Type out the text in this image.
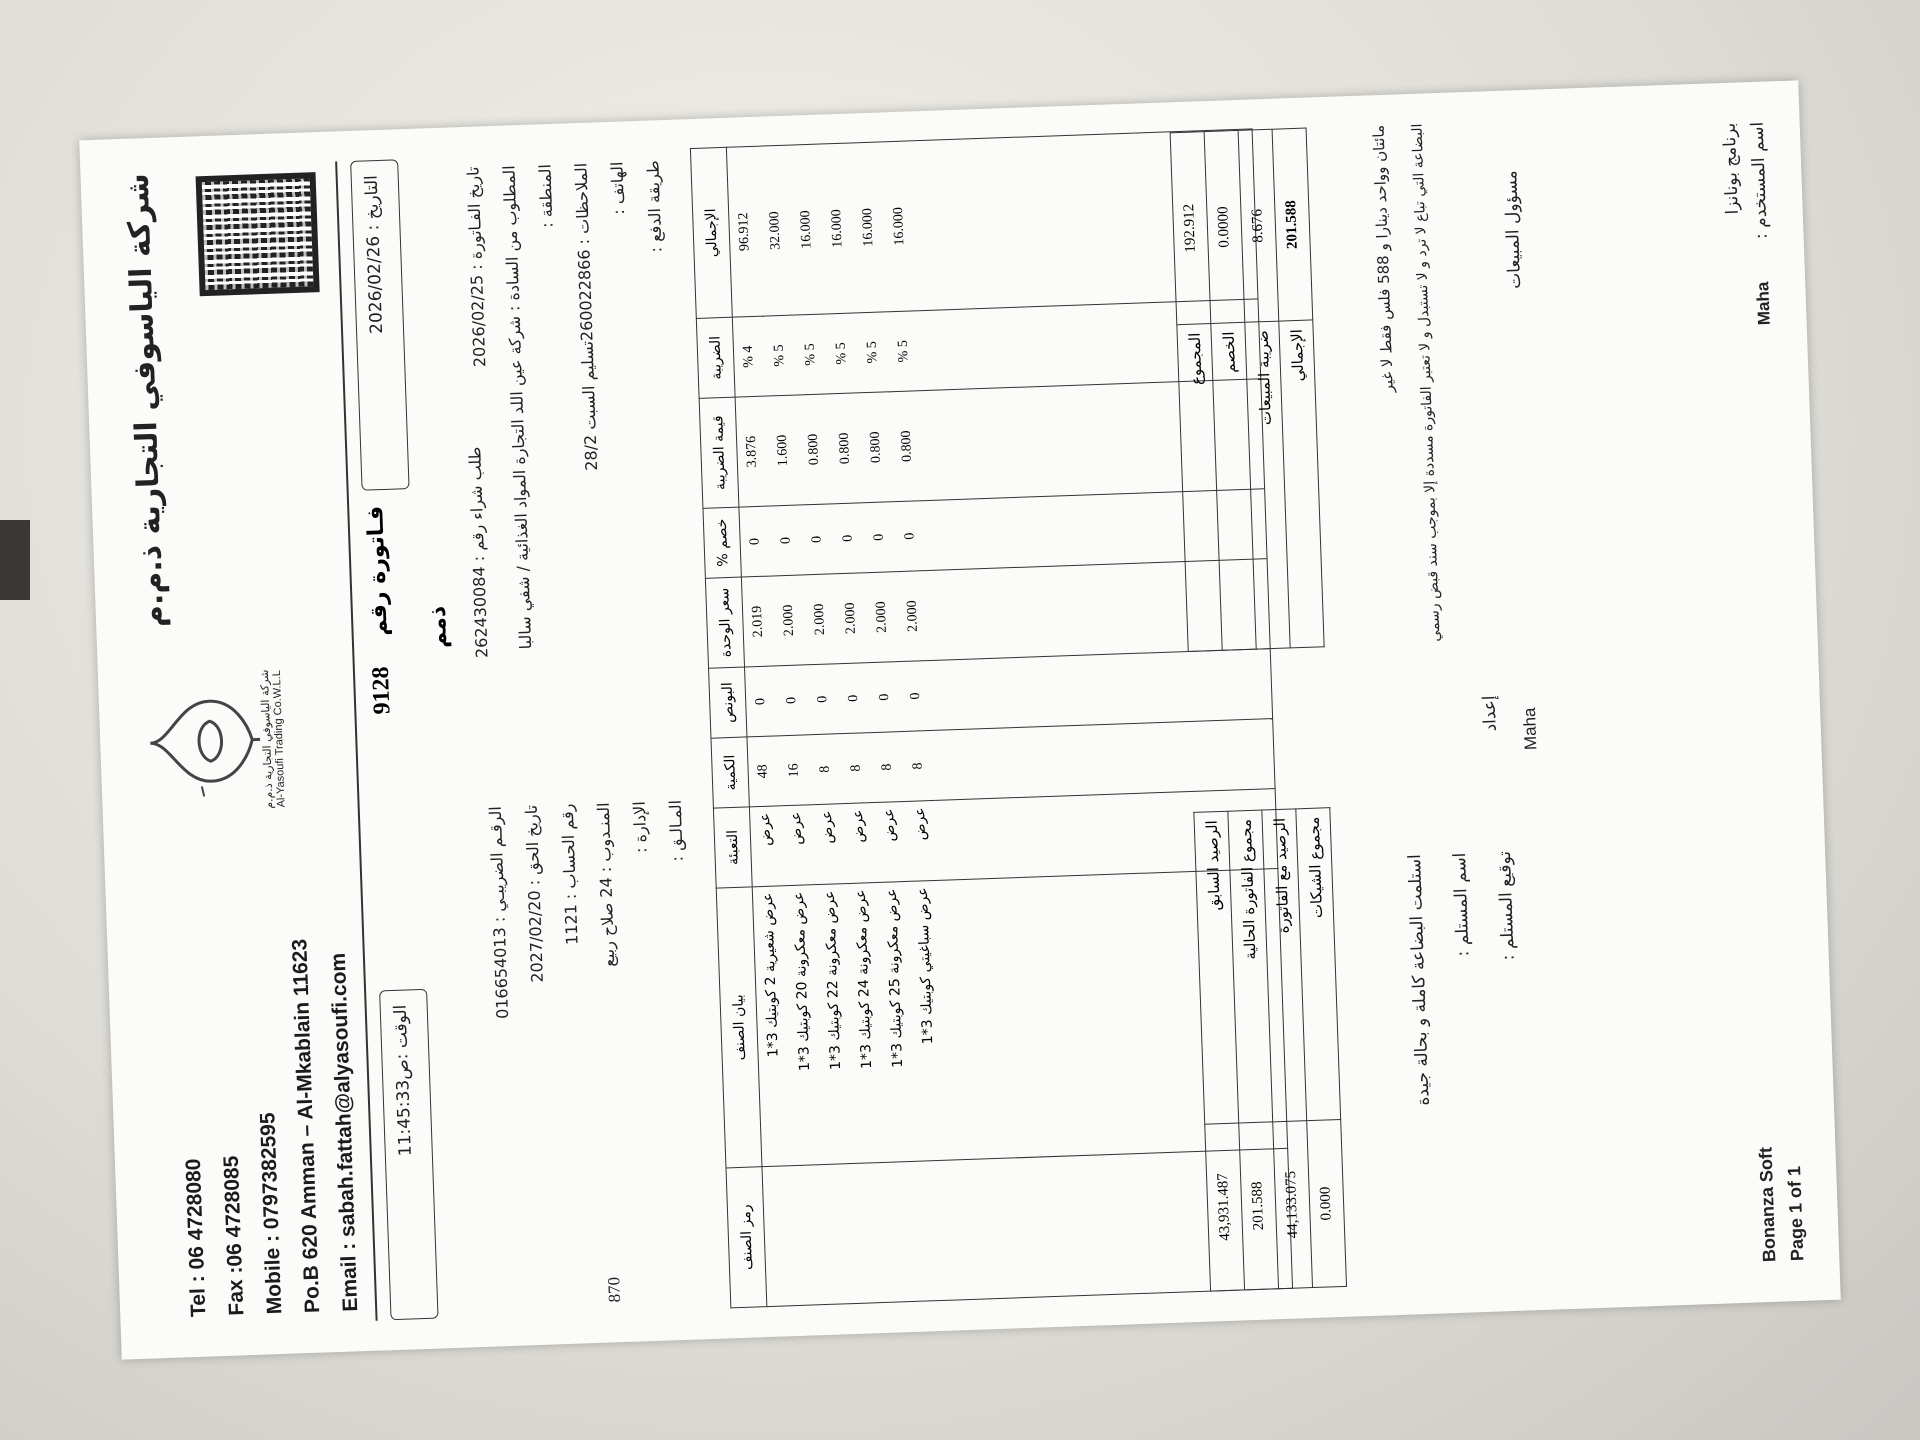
Tel : 06 4728080 Fax :06 4728085 Mobile : 0797382595 Po.B 620 Amman – Al-Mkablain 11623 Email : sabah.fattah@alyasoufi.com
شركة الياسوفي التجارية ذ.م.م
Al-Yasoufi Trading Co.W.L.L
شركة الياسوفي التجارية ذ.م.م
الوقت :ص11:45:33
التاريخ : 2026/02/26
9128    فـاتورة رقم ذمم
الرقـم الضريبـي : 016654013
تاريخ الحق : 2027/02/20
رقم الحساب : 1121
المنـدوب : 24 صلاح ربيع الإدارة : المـالـق :
870
تاريخ الفـاتورة : 2026/02/25 المطلوب من السادة : شركة عين اللد التجارة المواد الغذائية / شفي سالبا المنطقة :
الملاحظات : 260022866تسليم السبت 28/2 الهاتف : طريقة الدفع :
طلب شراء رقم : 262430084
رمز الصنف	بيان الصنف	التعبئة	الكمية	البونص	سعر الوحدة	خصم %	قيمة الضريبة	الضريبة	الإجمالي
	عرض شعيرية 2 كوبتيك 3*1	عرض	48	0	2.019	0	3.876	% 4	96.912
	عرض معكرونة 20 كوبتيك 3*1	عرض	16	0	2.000	0	1.600	% 5	32.000
	عرض معكرونة 22 كوبتيك 3*1	عرض	8	0	2.000	0	0.800	% 5	16.000
	عرض معكرونة 24 كوبتيك 3*1	عرض	8	0	2.000	0	0.800	% 5	16.000
	عرض معكرونة 25 كوبتيك 3*1	عرض	8	0	2.000	0	0.800	% 5	16.000
	عرض سباغيتي كوبتيك 3*1	عرض	8	0	2.000	0	0.800	% 5	16.000

43,931.487	الرصيد السابق
201.588	مجموع الفاتورة الحالية
44,133.075	الرصيد مع الفاتورة
0.000	مجموع الشيكات
المجموع	192.912
الخصم	0.0000
ضريبة المبيعات	8.676
الإجمالي	201.588
مائتان وواحد دينارا و 588 فلس فقط لا غير	البضاعة التي تباع لا ترد و لا تستبدل و لا تعتبر الفاتورة مسددة إلا بموجب سند قبض رسمي
استلمت البضاعة كاملة و بحالة جيدة اسم المستلم :	توقيع المستلم :
إعداد Maha
مسؤول المبيعات
Bonanza Soft Page 1 of 1
برنامج بونانزا اسم المستخدم :
Maha
